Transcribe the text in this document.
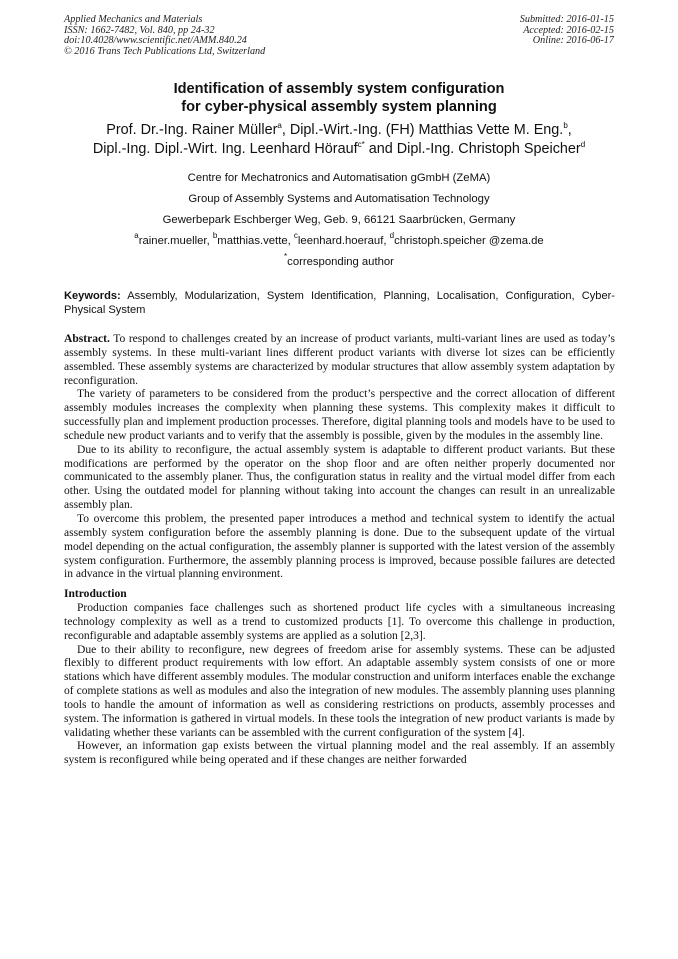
Applied Mechanics and Materials
ISSN: 1662-7482, Vol. 840, pp 24-32
doi:10.4028/www.scientific.net/AMM.840.24
© 2016 Trans Tech Publications Ltd, Switzerland
Submitted: 2016-01-15
Accepted: 2016-02-15
Online: 2016-06-17
Identification of assembly system configuration
for cyber-physical assembly system planning
Prof. Dr.-Ing. Rainer Müller$^a$, Dipl.-Wirt.-Ing. (FH) Matthias Vette M. Eng.$^b$,
Dipl.-Ing. Dipl.-Wirt. Ing. Leenhard Hörauf$^{c*}$ and Dipl.-Ing. Christoph Speicher$^d$
Centre for Mechatronics and Automatisation gGmbH (ZeMA)
Group of Assembly Systems and Automatisation Technology
Gewerbepark Eschberger Weg, Geb. 9, 66121 Saarbrücken, Germany
$^a$rainer.mueller, $^b$matthias.vette, $^c$leenhard.hoerauf, $^d$christoph.speicher @zema.de
*corresponding author
Keywords: Assembly, Modularization, System Identification, Planning, Localisation, Configuration, Cyber-Physical System

Abstract. To respond to challenges created by an increase of product variants, multi-variant lines are used as today’s assembly systems. In these multi-variant lines different product variants with diverse lot sizes can be efficiently assembled. These assembly systems are characterized by modular structures that allow assembly system adaptation by reconfiguration.

The variety of parameters to be considered from the product’s perspective and the correct allocation of different assembly modules increases the complexity when planning these systems. This complexity makes it difficult to successfully plan and implement production processes. Therefore, digital planning tools and models have to be used to schedule new product variants and to verify that the assembly is possible, given by the modules in the assembly line.

Due to its ability to reconfigure, the actual assembly system is adaptable to different product variants. But these modifications are performed by the operator on the shop floor and are often neither properly documented nor communicated to the assembly planer. Thus, the configuration status in reality and the virtual model differ from each other. Using the outdated model for planning without taking into account the changes can result in an unrealizable assembly plan.

To overcome this problem, the presented paper introduces a method and technical system to identify the actual assembly system configuration before the assembly planning is done. Due to the subsequent update of the virtual model depending on the actual configuration, the assembly planner is supported with the latest version of the assembly system configuration. Furthermore, the assembly planning process is improved, because possible failures are detected in advance in the virtual planning environment.

Introduction

Production companies face challenges such as shortened product life cycles with a simultaneous increasing technology complexity as well as a trend to customized products [1]. To overcome this challenge in production, reconfigurable and adaptable assembly systems are applied as a solution [2,3].

Due to their ability to reconfigure, new degrees of freedom arise for assembly systems. These can be adjusted flexibly to different product requirements with low effort. An adaptable assembly system consists of one or more stations which have different assembly modules. The modular construction and uniform interfaces enable the exchange of complete stations as well as modules and also the integration of new modules. The assembly planning uses planning tools to handle the amount of information as well as considering restrictions on products, assembly processes and system. The information is gathered in virtual models. In these tools the integration of new product variants is made by validating whether these variants can be assembled with the current configuration of the system [4].

However, an information gap exists between the virtual planning model and the real assembly. If an assembly system is reconfigured while being operated and if these changes are neither forwarded
